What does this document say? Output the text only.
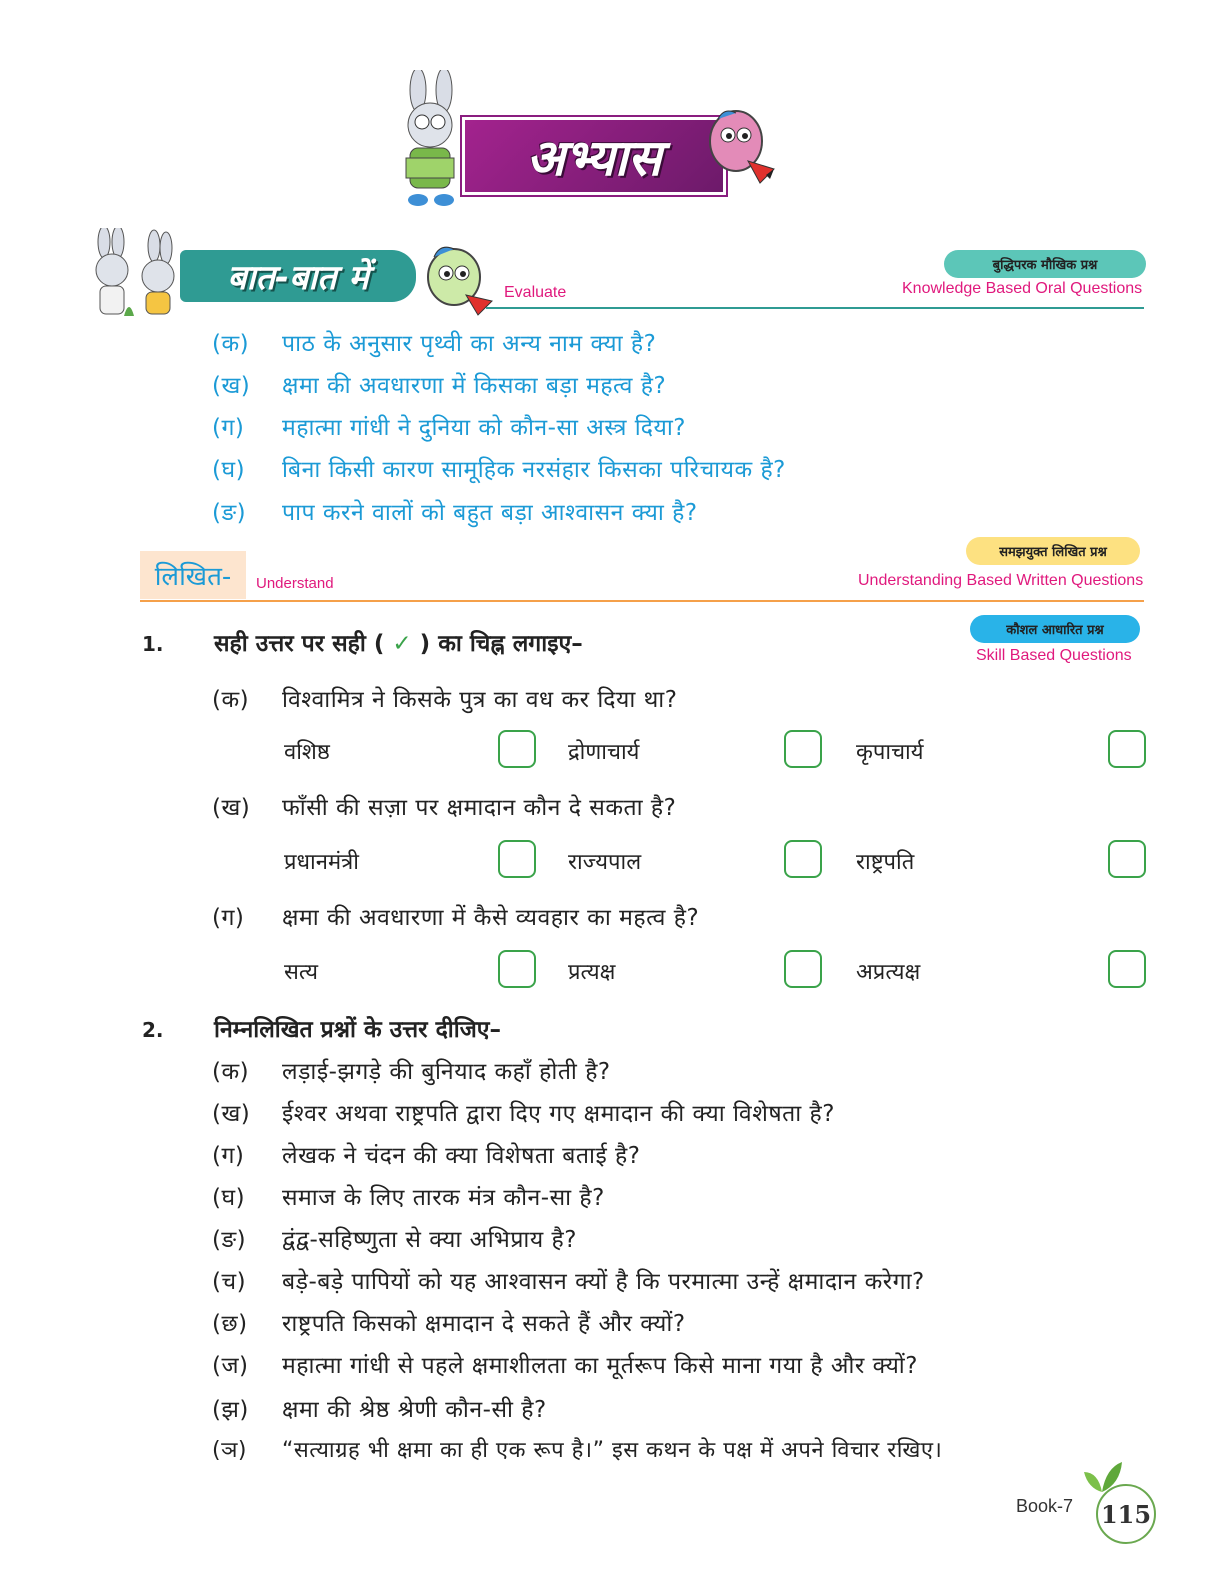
अभ्यास
बात-बात में	Evaluate
बुद्धिपरक मौखिक प्रश्न
Knowledge Based Oral Questions
(क) पाठ के अनुसार पृथ्वी का अन्य नाम क्या है?
(ख) क्षमा की अवधारणा में किसका बड़ा महत्व है?
(ग) महात्मा गांधी ने दुनिया को कौन-सा अस्त्र दिया?
(घ) बिना किसी कारण सामूहिक नरसंहार किसका परिचायक है?
(ङ) पाप करने वालों को बहुत बड़ा आश्वासन क्या है?
लिखित-	Understand
समझयुक्त लिखित प्रश्न
Understanding Based Written Questions
कौशल आधारित प्रश्न
Skill Based Questions
1. सही उत्तर पर सही ( ✓ ) का चिह्न लगाइए–
(क) विश्वामित्र ने किसके पुत्र का वध कर दिया था?
वशिष्ठ	द्रोणाचार्य	कृपाचार्य
(ख) फाँसी की सज़ा पर क्षमादान कौन दे सकता है?
प्रधानमंत्री	राज्यपाल	राष्ट्रपति
(ग) क्षमा की अवधारणा में कैसे व्यवहार का महत्व है?
सत्य	प्रत्यक्ष	अप्रत्यक्ष
2. निम्नलिखित प्रश्नों के उत्तर दीजिए–
(क) लड़ाई-झगड़े की बुनियाद कहाँ होती है?
(ख) ईश्वर अथवा राष्ट्रपति द्वारा दिए गए क्षमादान की क्या विशेषता है?
(ग) लेखक ने चंदन की क्या विशेषता बताई है?
(घ) समाज के लिए तारक मंत्र कौन-सा है?
(ङ) द्वंद्व-सहिष्णुता से क्या अभिप्राय है?
(च) बड़े-बड़े पापियों को यह आश्वासन क्यों है कि परमात्मा उन्हें क्षमादान करेगा?
(छ) राष्ट्रपति किसको क्षमादान दे सकते हैं और क्यों?
(ज) महात्मा गांधी से पहले क्षमाशीलता का मूर्तरूप किसे माना गया है और क्यों?
(झ) क्षमा की श्रेष्ठ श्रेणी कौन-सी है?
(ञ) “सत्याग्रह भी क्षमा का ही एक रूप है।” इस कथन के पक्ष में अपने विचार रखिए।
Book-7 115
